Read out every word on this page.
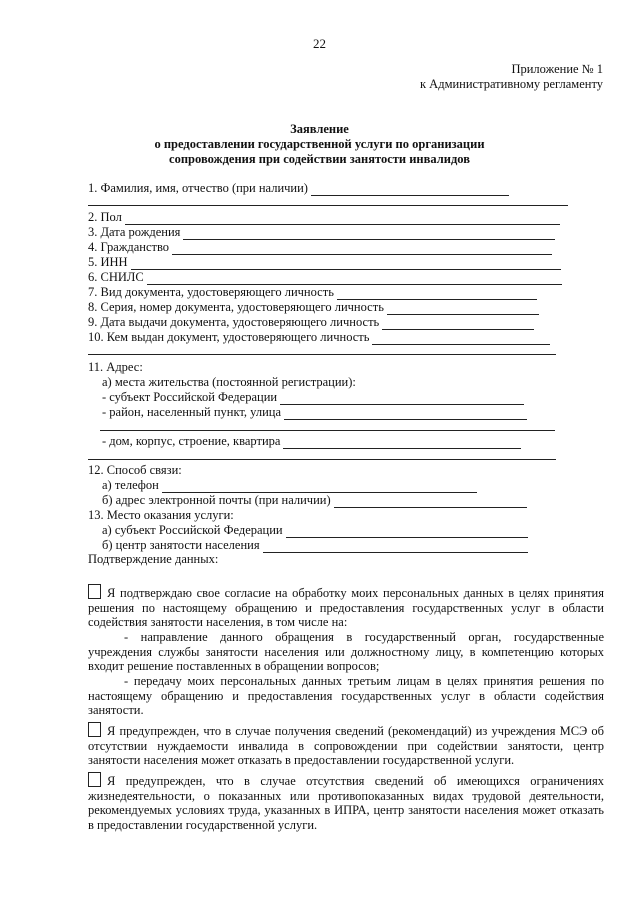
22
Приложение № 1
к Административному регламенту
Заявление
о предоставлении государственной услуги по организации
сопровождения при содействии занятости инвалидов
1. Фамилия, имя, отчество (при наличии)
2. Пол
3. Дата рождения
4. Гражданство
5. ИНН
6. СНИЛС
7. Вид документа, удостоверяющего личность
8. Серия, номер документа, удостоверяющего личность
9. Дата выдачи документа, удостоверяющего личность
10. Кем выдан документ, удостоверяющего личность
11. Адрес:
а) места жительства (постоянной регистрации):
- субъект Российской Федерации
- район, населенный пункт, улица
- дом, корпус, строение, квартира
12. Способ связи:
а) телефон
б) адрес электронной почты (при наличии)
13. Место оказания услуги:
а) субъект Российской Федерации
б) центр занятости населения
Подтверждение данных:
Я подтверждаю свое согласие на обработку моих персональных данных в целях принятия решения по настоящему обращению и предоставления государственных услуг в области содействия занятости населения, в том числе на:
- направление данного обращения в государственный орган, государственные учреждения службы занятости населения или должностному лицу, в компетенцию которых входит решение поставленных в обращении вопросов;
- передачу моих персональных данных третьим лицам в целях принятия решения по настоящему обращению и предоставления государственных услуг в области содействия занятости.
Я предупрежден, что в случае получения сведений (рекомендаций) из учреждения МСЭ об отсутствии нуждаемости инвалида в сопровождении при содействии занятости, центр занятости населения может отказать в предоставлении государственной услуги.
Я предупрежден, что в случае отсутствия сведений об имеющихся ограничениях жизнедеятельности, о показанных или противопоказанных видах трудовой деятельности, рекомендуемых условиях труда, указанных в ИПРА, центр занятости населения может отказать в предоставлении государственной услуги.
